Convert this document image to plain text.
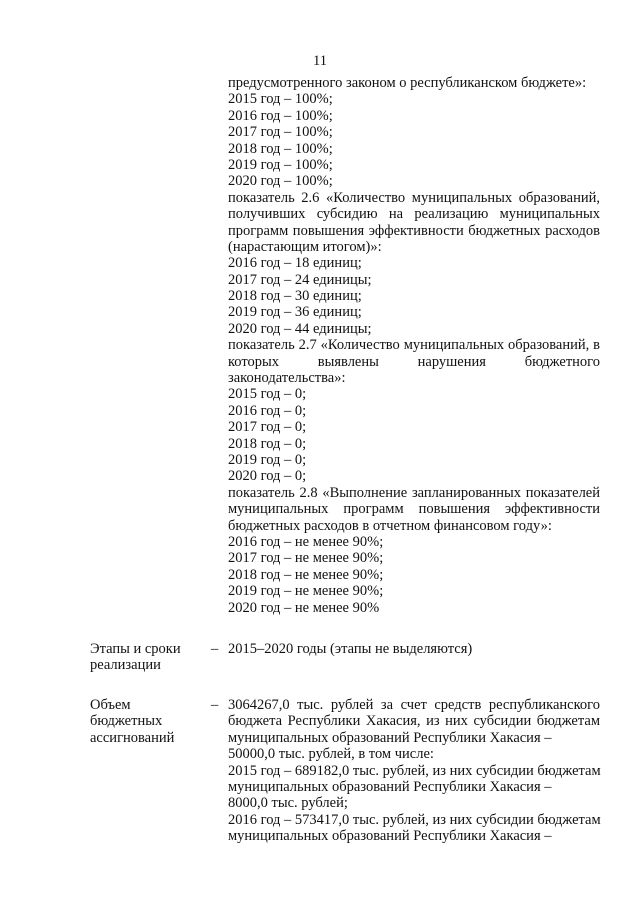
11
предусмотренного законом о республиканском бюджете»:
2015 год – 100%;
2016 год – 100%;
2017 год – 100%;
2018 год – 100%;
2019 год – 100%;
2020 год – 100%;
показатель 2.6 «Количество муниципальных образований,
получивших субсидию на реализацию муниципальных
программ повышения эффективности бюджетных расходов
(нарастающим итогом)»:
2016 год – 18 единиц;
2017 год – 24 единицы;
2018 год – 30 единиц;
2019 год – 36 единиц;
2020 год – 44 единицы;
показатель 2.7 «Количество муниципальных образований, в
которых выявлены нарушения бюджетного
законодательства»:
2015 год – 0;
2016 год – 0;
2017 год – 0;
2018 год – 0;
2019 год – 0;
2020 год – 0;
показатель 2.8 «Выполнение запланированных показателей
муниципальных программ повышения эффективности
бюджетных расходов в отчетном финансовом году»:
2016 год – не менее 90%;
2017 год – не менее 90%;
2018 год – не менее 90%;
2019 год – не менее 90%;
2020 год – не менее 90%
Этапы и сроки
реализации
– 2015–2020 годы (этапы не выделяются)
Объем
бюджетных
ассигнований
– 3064267,0 тыс. рублей за счет средств республиканского
бюджета Республики Хакасия, из них субсидии бюджетам
муниципальных образований Республики Хакасия –
50000,0 тыс. рублей, в том числе:
2015 год – 689182,0 тыс. рублей, из них субсидии бюджетам
муниципальных образований Республики Хакасия –
8000,0 тыс. рублей;
2016 год – 573417,0 тыс. рублей, из них субсидии бюджетам
муниципальных образований Республики Хакасия –
